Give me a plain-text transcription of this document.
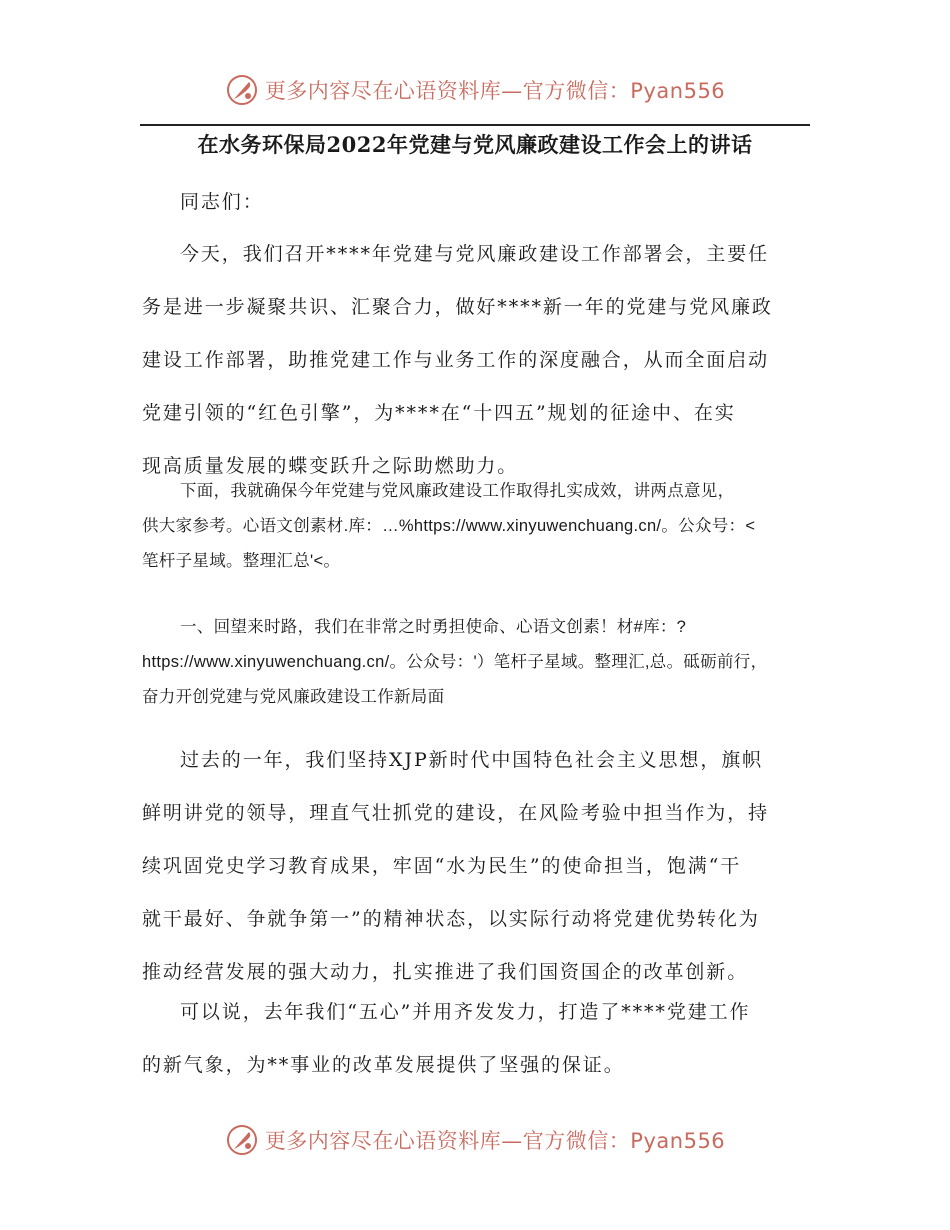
更多内容尽在心语资料库—官方微信：Pyan556
在水务环保局2022年党建与党风廉政建设工作会上的讲话

同志们：

今天，我们召开****年党建与党风廉政建设工作部署会，主要任
务是进一步凝聚共识、汇聚合力，做好****新一年的党建与党风廉政
建设工作部署，助推党建工作与业务工作的深度融合，从而全面启动
党建引领的“红色引擎”，为****在“十四五”规划的征途中、在实
现高质量发展的蝶变跃升之际助燃助力。

下面，我就确保今年党建与党风廉政建设工作取得扎实成效，讲两点意见，
供大家参考。心语文创素材.库：…%https://www.xinyuwenchuang.cn/。公众号：<
笔杆子星域。整理汇总'<。

一、回望来时路，我们在非常之时勇担使命、心语文创素！材#库：?
https://www.xinyuwenchuang.cn/。公众号：'）笔杆子星域。整理汇,总。砥砺前行，
奋力开创党建与党风廉政建设工作新局面

过去的一年，我们坚持XJP新时代中国特色社会主义思想，旗帜
鲜明讲党的领导，理直气壮抓党的建设，在风险考验中担当作为，持
续巩固党史学习教育成果，牢固“水为民生”的使命担当，饱满“干
就干最好、争就争第一”的精神状态，以实际行动将党建优势转化为
推动经营发展的强大动力，扎实推进了我们国资国企的改革创新。

可以说，去年我们“五心”并用齐发发力，打造了****党建工作
的新气象，为**事业的改革发展提供了坚强的保证。

更多内容尽在心语资料库—官方微信：Pyan556
